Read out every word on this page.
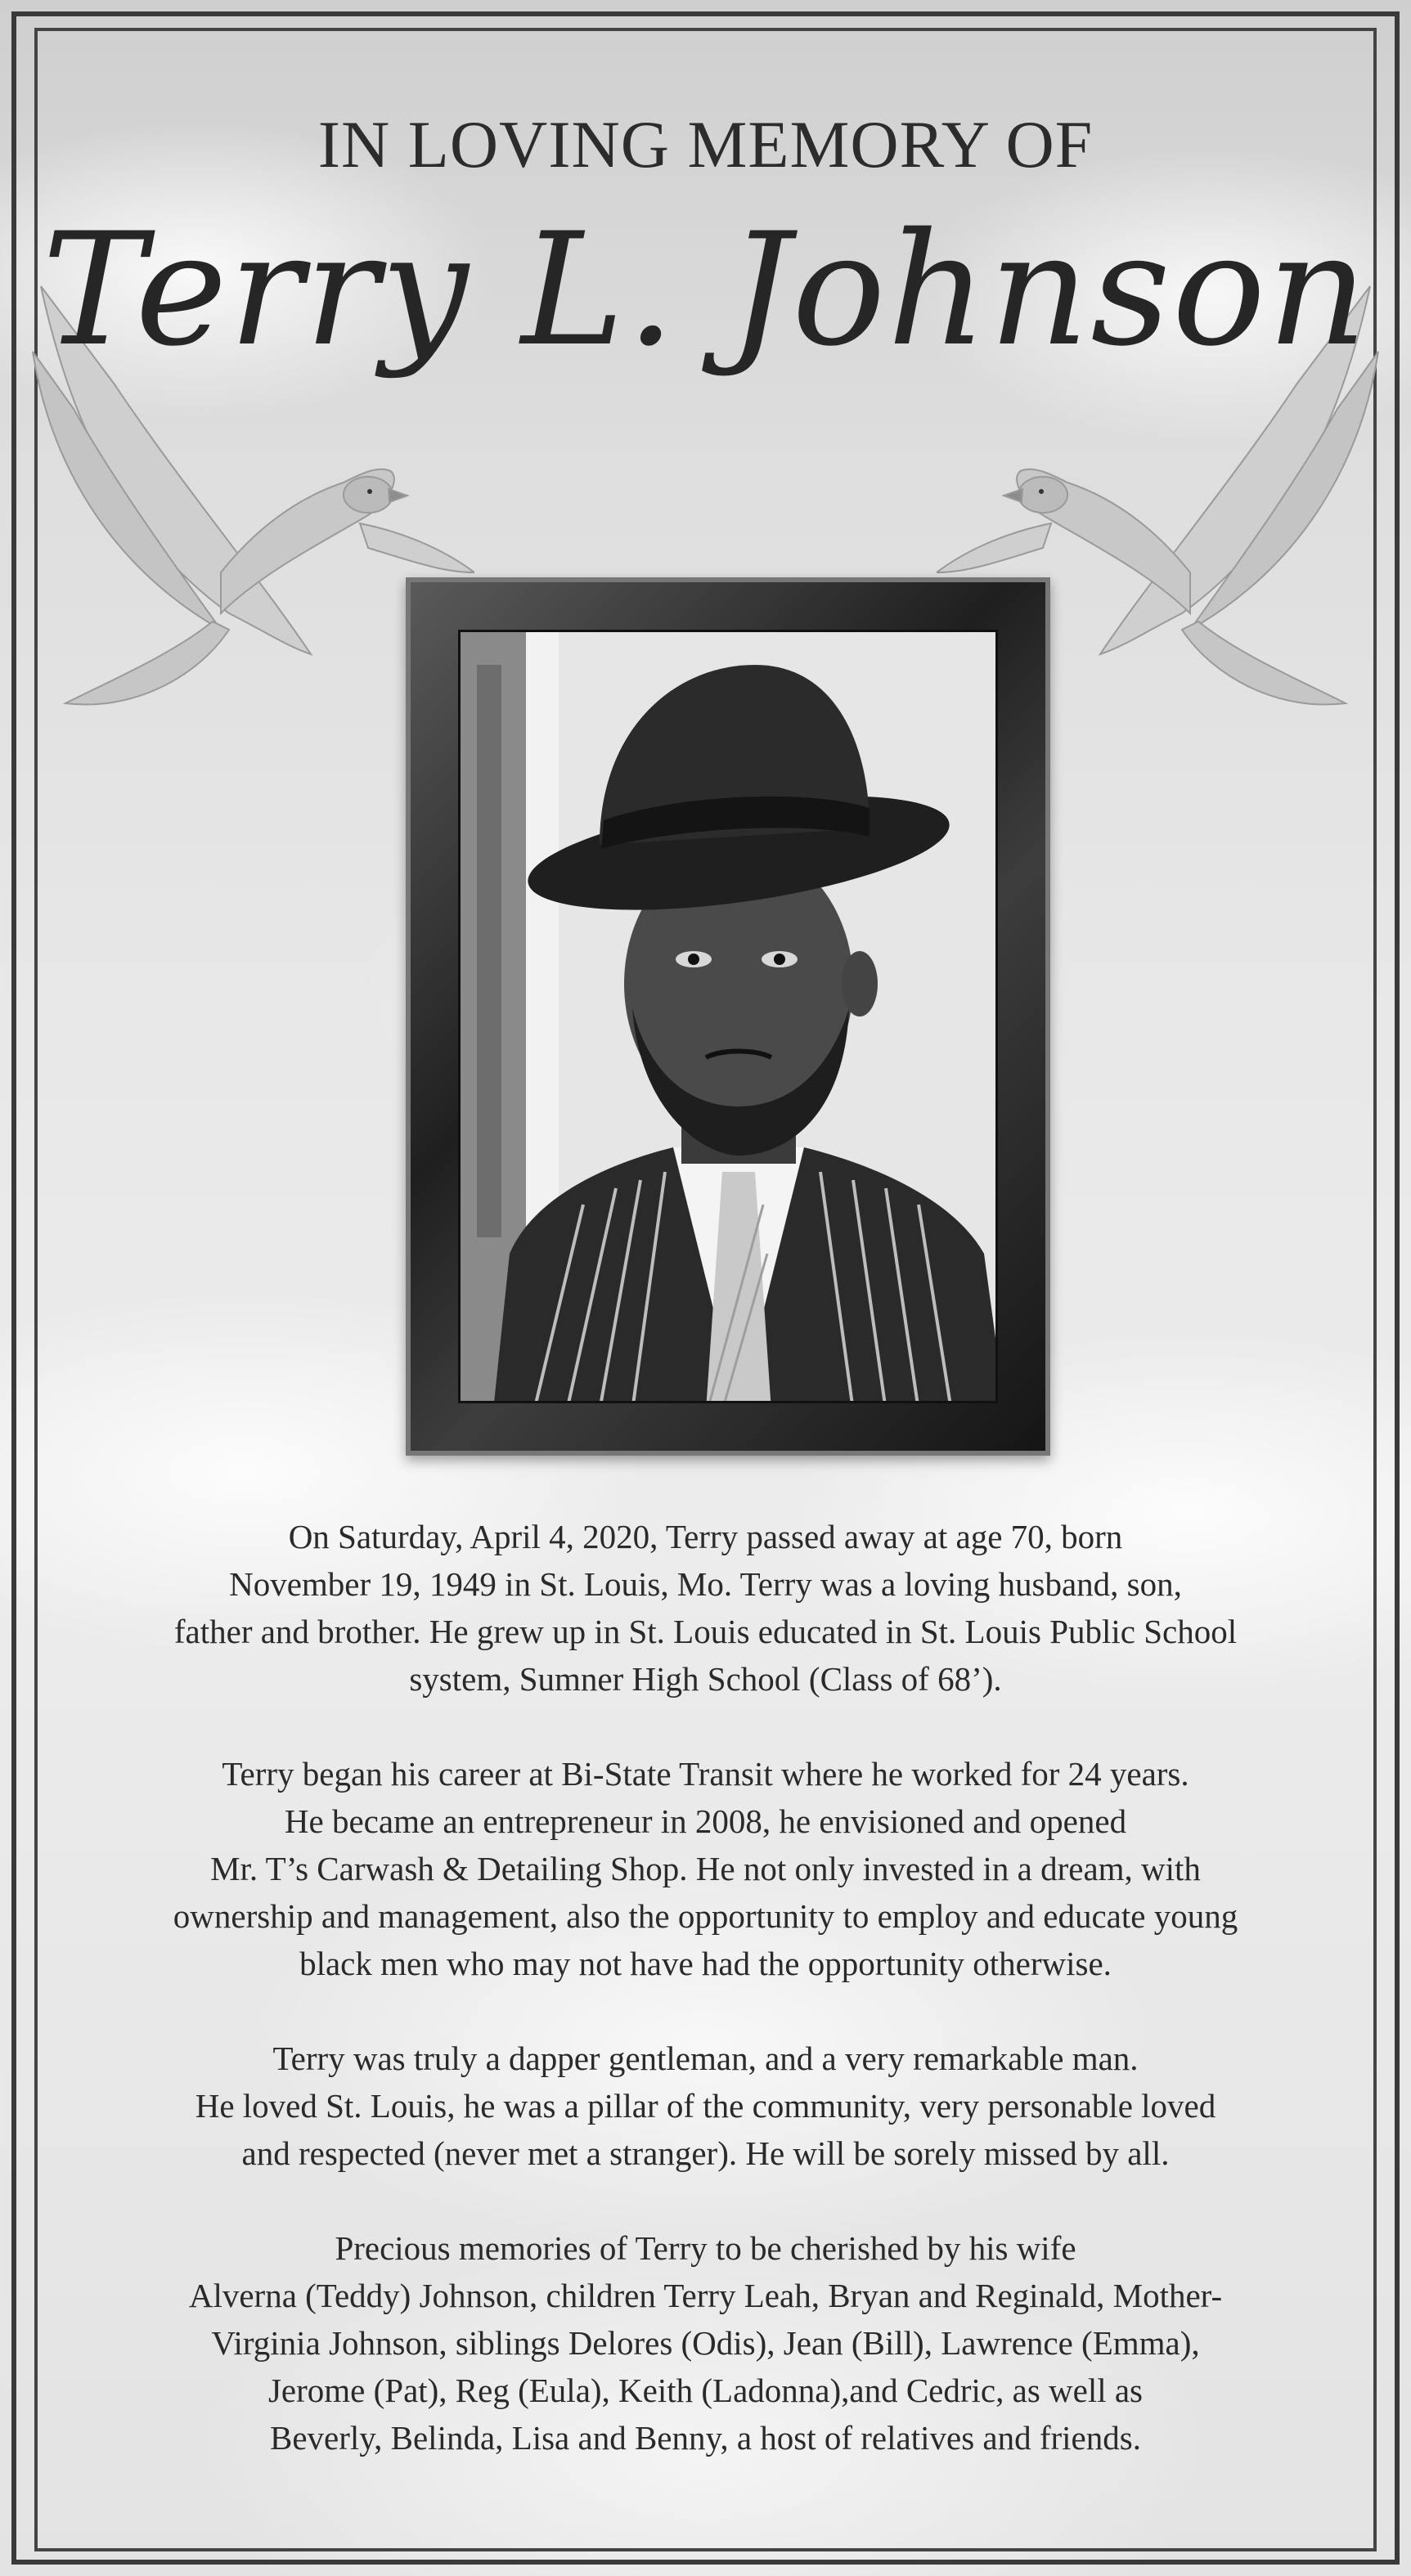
IN LOVING MEMORY OF
Terry L. Johnson

On Saturday, April 4, 2020, Terry passed away at age 70, born
November 19, 1949 in St. Louis, Mo. Terry was a loving husband, son,
father and brother. He grew up in St. Louis educated in St. Louis Public School
system, Sumner High School (Class of 68’).

Terry began his career at Bi-State Transit where he worked for 24 years.
He became an entrepreneur in 2008, he envisioned and opened
Mr. T’s Carwash & Detailing Shop. He not only invested in a dream, with
ownership and management, also the opportunity to employ and educate young
black men who may not have had the opportunity otherwise.

Terry was truly a dapper gentleman, and a very remarkable man.
He loved St. Louis, he was a pillar of the community, very personable loved
and respected (never met a stranger). He will be sorely missed by all.

Precious memories of Terry to be cherished by his wife
Alverna (Teddy) Johnson, children Terry Leah, Bryan and Reginald, Mother-
Virginia Johnson, siblings Delores (Odis), Jean (Bill), Lawrence (Emma),
Jerome (Pat), Reg (Eula), Keith (Ladonna),and Cedric, as well as
Beverly, Belinda, Lisa and Benny, a host of relatives and friends.
